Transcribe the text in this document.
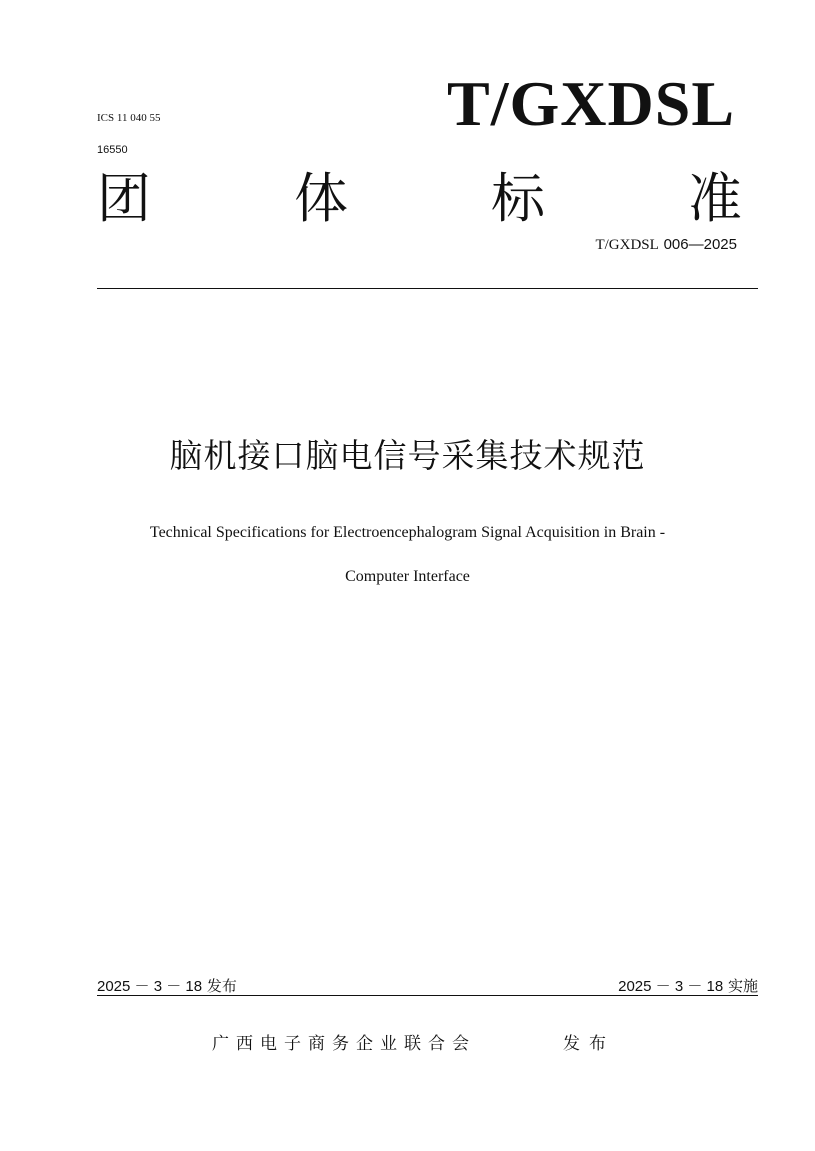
ICS 11 040 55
16550
T/GXDSL
团	体	标	准
T/GXDSL 006—2025
脑机接口脑电信号采集技术规范
Technical Specifications for Electroencephalogram Signal Acquisition in Brain -
Computer Interface
2025 － 3 － 18 发布	2025 － 3 － 18 实施
广西电子商务企业联合会	发布
